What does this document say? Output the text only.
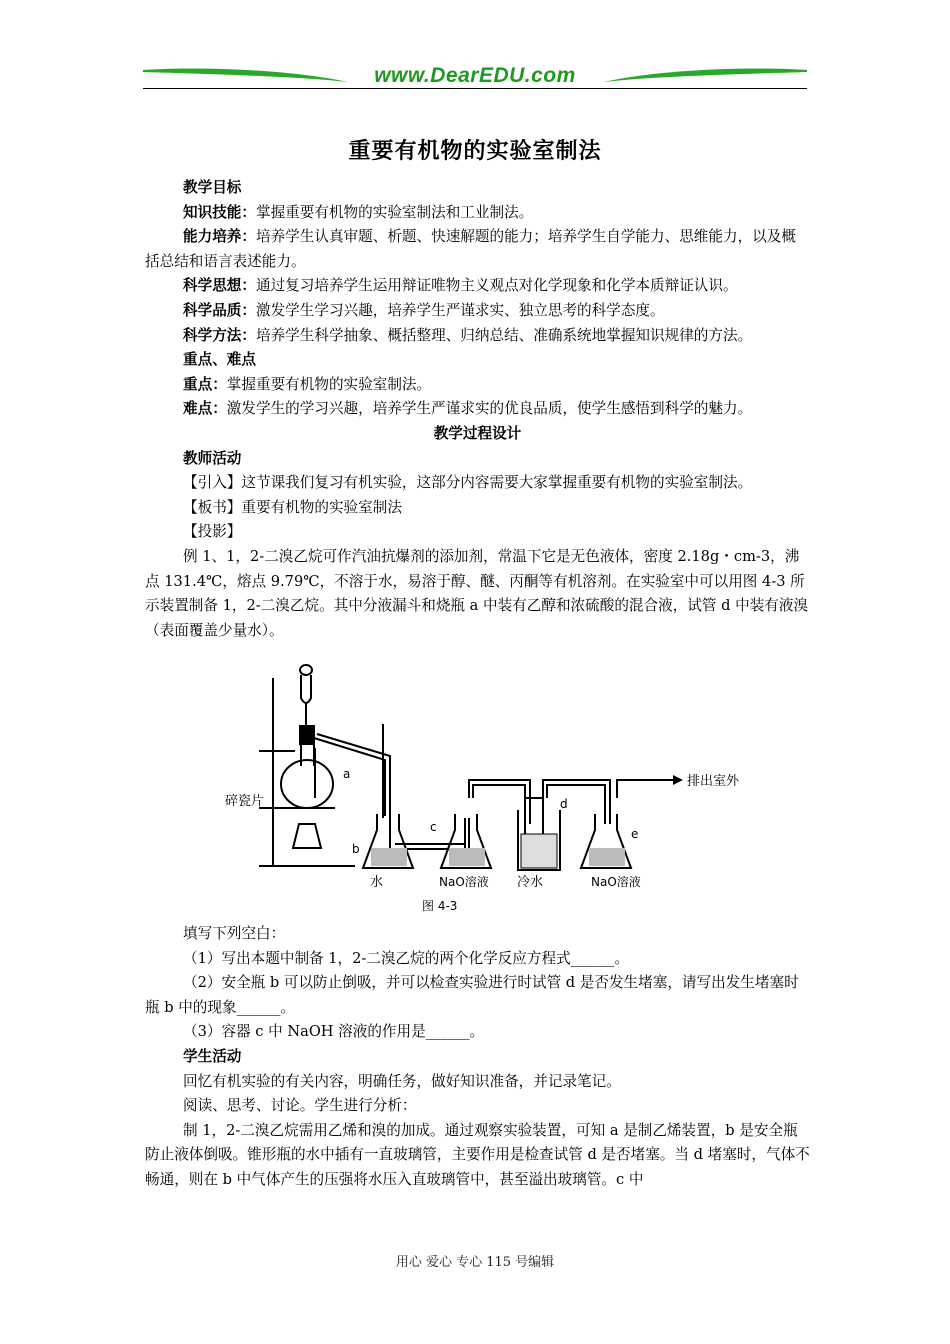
www.DearEDU.com
重要有机物的实验室制法

教学目标

知识技能：掌握重要有机物的实验室制法和工业制法。

能力培养：培养学生认真审题、析题、快速解题的能力；培养学生自学能力、思维能力，以及概括总结和语言表述能力。

科学思想：通过复习培养学生运用辩证唯物主义观点对化学现象和化学本质辩证认识。

科学品质：激发学生学习兴趣，培养学生严谨求实、独立思考的科学态度。

科学方法：培养学生科学抽象、概括整理、归纳总结、准确系统地掌握知识规律的方法。

重点、难点

重点：掌握重要有机物的实验室制法。

难点：激发学生的学习兴趣，培养学生严谨求实的优良品质，使学生感悟到科学的魅力。

教学过程设计

教师活动

【引入】这节课我们复习有机实验，这部分内容需要大家掌握重要有机物的实验室制法。

【板书】重要有机物的实验室制法

【投影】

例 1、1，2-二溴乙烷可作汽油抗爆剂的添加剂，常温下它是无色液体，密度 2.18g・cm-3，沸点 131.4℃，熔点 9.79℃，不溶于水，易溶于醇、醚、丙酮等有机溶剂。在实验室中可以用图 4-3 所示装置制备 1，2-二溴乙烷。其中分液漏斗和烧瓶 a 中装有乙醇和浓硫酸的混合液，试管 d 中装有液溴（表面覆盖少量水）。

排出室外
碎瓷片
a
b
c
d
e
水	NaO溶液 冷水	NaO溶液
图 4-3

填写下列空白：

（1）写出本题中制备 1，2-二溴乙烷的两个化学反应方程式______。

（2）安全瓶 b 可以防止倒吸，并可以检查实验进行时试管 d 是否发生堵塞，请写出发生堵塞时瓶 b 中的现象______。

（3）容器 c 中 NaOH 溶液的作用是______。

学生活动

回忆有机实验的有关内容，明确任务，做好知识准备，并记录笔记。

阅读、思考、讨论。学生进行分析：

制 1，2-二溴乙烷需用乙烯和溴的加成。通过观察实验装置，可知 a 是制乙烯装置，b 是安全瓶防止液体倒吸。锥形瓶的水中插有一直玻璃管，主要作用是检查试管 d 是否堵塞。当 d 堵塞时，气体不畅通，则在 b 中气体产生的压强将水压入直玻璃管中，甚至溢出玻璃管。c 中

用心 爱心 专心 115 号编辑
